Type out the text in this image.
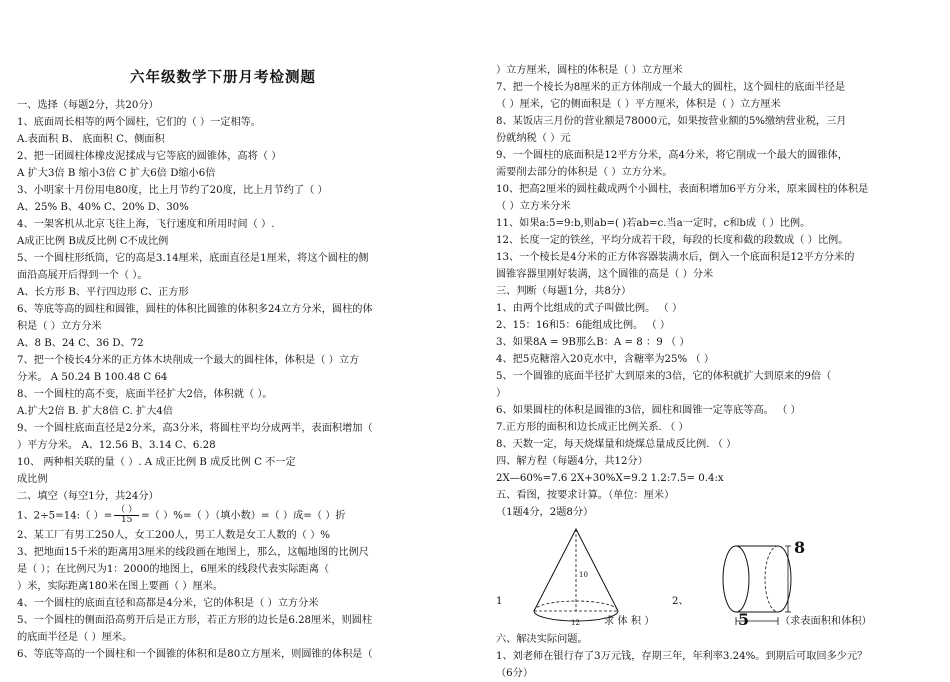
六年级数学下册月考检测题
一、选择（每题2分，共20分）
1、底面周长相等的两个圆柱，它们的（ ）一定相等。
A.表面积 B、 底面积 C、侧面积
2、把一团圆柱体橡皮泥揉成与它等底的圆锥体，高将（ ）
A 扩大3倍 B 缩小3倍 C 扩大6倍 D缩小6倍
3、小明家十月份用电80度，比上月节约了20度，比上月节约了（ ）
A、25% B、40% C、20% D、30%
4、一架客机从北京飞往上海，飞行速度和所用时间（ ）.
A成正比例 B成反比例 C不成比例
5、一个圆柱形纸筒，它的高是3.14厘米，底面直径是1厘米，将这个圆柱的侧
面沿高展开后得到一个（ ）。
A、长方形 B、平行四边形 C、正方形
6、等底等高的圆柱和圆锥，圆柱的体积比圆锥的体积多24立方分米，圆柱的体
积是（ ）立方分米
A、8 B、24 C、36 D、72
7、把一个棱长4分米的正方体木块削成一个最大的圆柱体，体积是（ ）立方
分米。 A 50.24 B 100.48 C 64
8、一个圆柱的高不变，底面半径扩大2倍，体积就（ ）。
A.扩大2倍 B. 扩大8倍 C. 扩大4倍
9、一个圆柱底面直径是2分米，高3分米，将圆柱平均分成两半，表面积增加（
）平方分米。 A、12.56 B、3.14 C、6.28
10、 两种相关联的量（ ）. A 成正比例 B 成反比例 C 不一定
成比例
二、填空（每空1分，共24分）
1、2÷5=14:（ ）= $\frac{( )}{15}$ =（ ）%=（ ）（填小数）=（ ）成=（ ）折
2、某工厂有男工250人，女工200人，男工人数是女工人数的（ ）%
3、把地面15千米的距离用3厘米的线段画在地图上，那么，这幅地图的比例尺
是（ ）；在比例尺为1：2000的地图上，6厘米的线段代表实际距离（
）米，实际距离180米在图上要画（ ）厘米。
4、一个圆柱的底面直径和高都是4分米，它的体积是（ ）立方分米
5、一个圆柱的侧面沿高剪开后是正方形，若正方形的边长是6.28厘米，则圆柱
的底面半径是（ ）厘米。
6、等底等高的一个圆柱和一个圆锥的体积和是80立方厘米，则圆锥的体积是（
）立方厘米，圆柱的体积是（ ）立方厘米
7、把一个棱长为8厘米的正方体削成一个最大的圆柱，这个圆柱的底面半径是
（ ）厘米，它的侧面积是（ ）平方厘米，体积是（ ）立方厘米
8、某饭店三月份的营业额是78000元，如果按营业额的5%缴纳营业税，三月
份就纳税（ ）元
9、一个圆柱的底面积是12平方分米，高4分米，将它削成一个最大的圆锥体，
需要削去部分的体积是（ ）立方分米。
10、把高2厘米的圆柱截成两个小圆柱，表面积增加6平方分米，原来圆柱的体积是
（ ）立方米分米
11、如果a:5=9:b,则ab=( )若ab=c.当a一定时，c和b成（ ）比例。
12、长度一定的铁丝，平均分成若干段，每段的长度和截的段数成（ ）比例。
13、一个棱长是4分米的正方体容器装满水后，倒入一个底面积是12平方分米的
圆锥容器里刚好装满，这个圆锥的高是（ ）分米
三、判断（每题1分，共8分）
1、由两个比组成的式子叫做比例。 （ ）
2、15：16和5：6能组成比例。 （ ）
3、如果8A = 9B那么B：A = 8 ：9 （ ）
4、把5克糖溶入20克水中，含糖率为25% （ ）
5、一个圆锥的底面半径扩大到原来的3倍，它的体积就扩大到原来的9倍（
）
6、如果圆柱的体积是圆锥的3倍，圆柱和圆锥一定等底等高。 （ ）
7.正方形的面积和边长成正比例关系. （ ）
8、天数一定，每天烧煤量和烧煤总量成反比例. （ ）
四、解方程（每题4分，共12分）
2X—60%=7.6 2X+30%X=9.2 1.2:7.5= 0.4:x
五、看图，按要求计算。（单位：厘米）
（1题4分，2题8分）
1
10
12 求 体 积 ）
2、
8
5	（求表面积和体积）
六、解决实际问题。
1、刘老师在银行存了3万元钱，存期三年，年利率3.24%。到期后可取回多少元？
（6分）
